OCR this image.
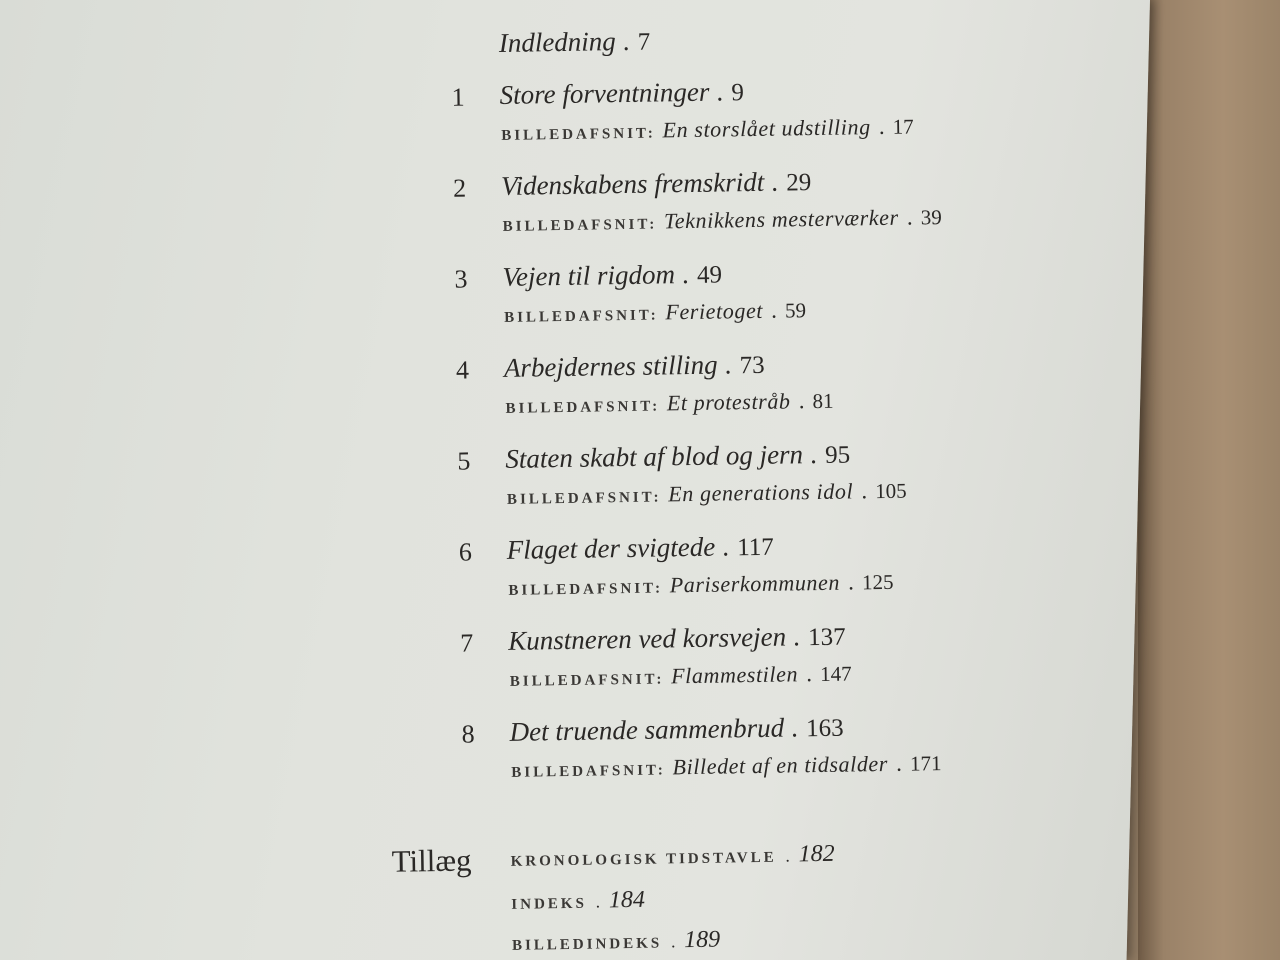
Indledning . 7
1 Store forventninger . 9
BILLEDAFSNIT: En storslået udstilling . 17
2 Videnskabens fremskridt . 29
BILLEDAFSNIT: Teknikkens mesterværker . 39
3 Vejen til rigdom . 49
BILLEDAFSNIT: Ferietoget . 59
4 Arbejdernes stilling . 73
BILLEDAFSNIT: Et protestråb . 81
5 Staten skabt af blod og jern . 95
BILLEDAFSNIT: En generations idol . 105
6 Flaget der svigtede . 117
BILLEDAFSNIT: Pariserkommunen . 125
7 Kunstneren ved korsvejen . 137
BILLEDAFSNIT: Flammestilen . 147
8 Det truende sammenbrud . 163
BILLEDAFSNIT: Billedet af en tidsalder . 171
Tillæg	KRONOLOGISK TIDSTAVLE . 182
INDEKS . 184
BILLEDINDEKS . 189
